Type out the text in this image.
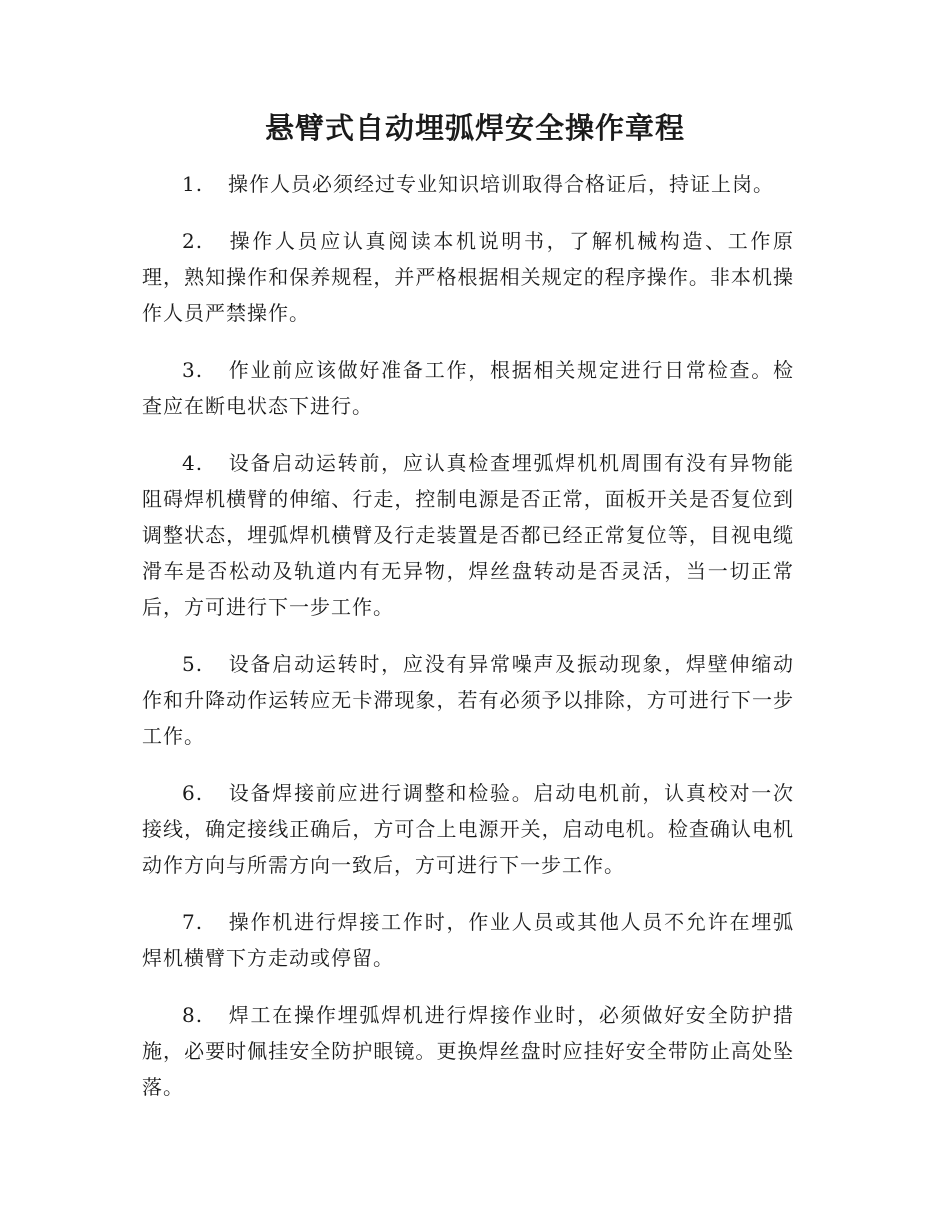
悬臂式自动埋弧焊安全操作章程

1. 操作人员必须经过专业知识培训取得合格证后，持证上岗。

2. 操作人员应认真阅读本机说明书，了解机械构造、工作原理，熟知操作和保养规程，并严格根据相关规定的程序操作。非本机操作人员严禁操作。

3. 作业前应该做好准备工作，根据相关规定进行日常检查。检查应在断电状态下进行。

4. 设备启动运转前，应认真检查埋弧焊机机周围有没有异物能阻碍焊机横臂的伸缩、行走，控制电源是否正常，面板开关是否复位到调整状态，埋弧焊机横臂及行走装置是否都已经正常复位等，目视电缆滑车是否松动及轨道内有无异物，焊丝盘转动是否灵活，当一切正常后，方可进行下一步工作。

5. 设备启动运转时，应没有异常噪声及振动现象，焊壁伸缩动作和升降动作运转应无卡滞现象，若有必须予以排除，方可进行下一步工作。

6. 设备焊接前应进行调整和检验。启动电机前，认真校对一次接线，确定接线正确后，方可合上电源开关，启动电机。检查确认电机动作方向与所需方向一致后，方可进行下一步工作。

7. 操作机进行焊接工作时，作业人员或其他人员不允许在埋弧焊机横臂下方走动或停留。

8. 焊工在操作埋弧焊机进行焊接作业时，必须做好安全防护措施，必要时佩挂安全防护眼镜。更换焊丝盘时应挂好安全带防止高处坠落。
